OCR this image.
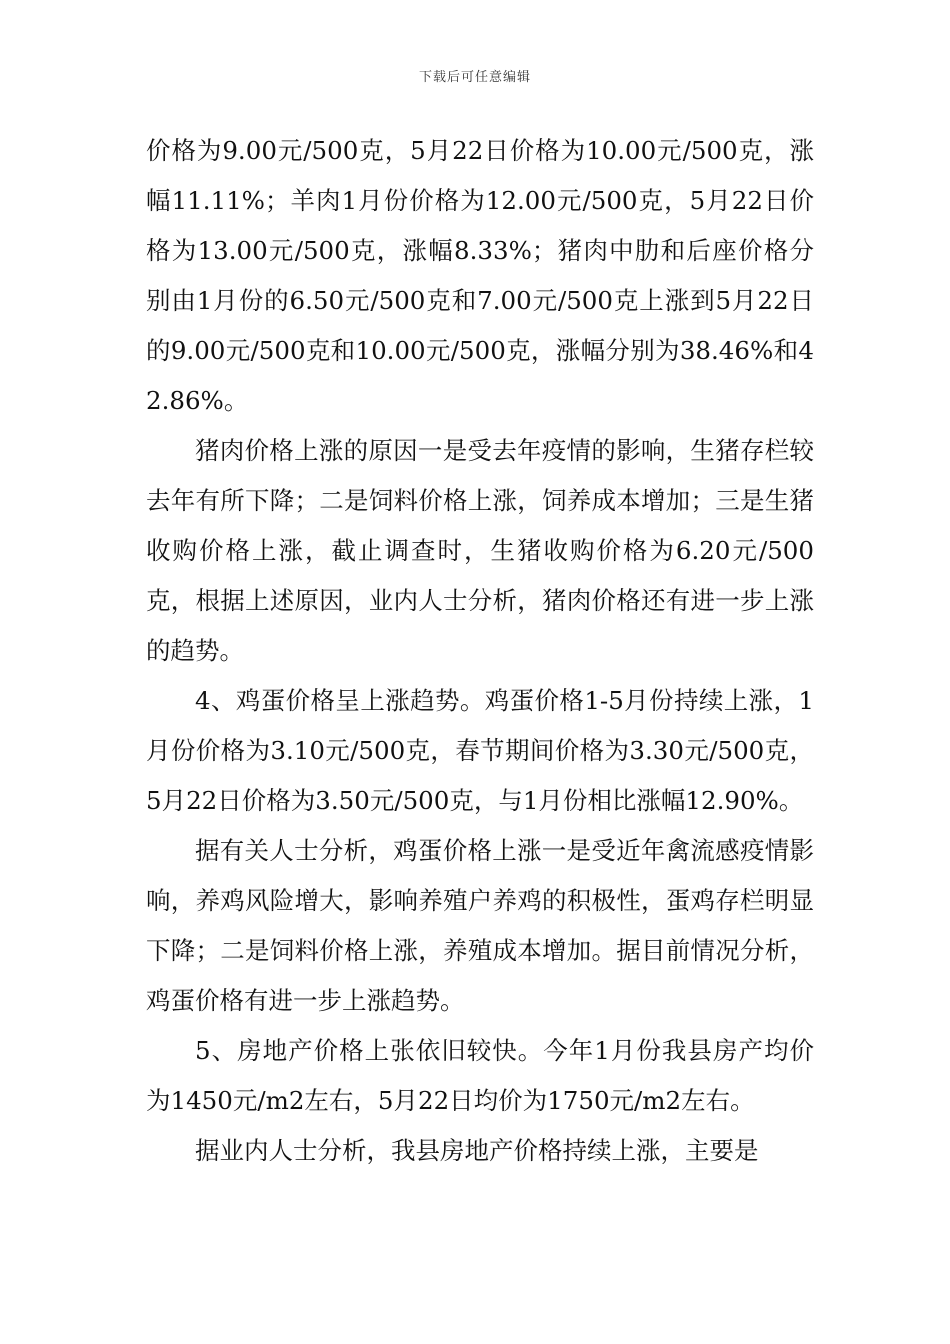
下载后可任意编辑

价格为9.00元/500克，5月22日价格为10.00元/500克，涨幅11.11%；羊肉1月份价格为12.00元/500克，5月22日价格为13.00元/500克，涨幅8.33%；猪肉中肋和后座价格分别由1月份的6.50元/500克和7.00元/500克上涨到5月22日的9.00元/500克和10.00元/500克，涨幅分别为38.46%和42.86%。

猪肉价格上涨的原因一是受去年疫情的影响，生猪存栏较去年有所下降；二是饲料价格上涨，饲养成本增加；三是生猪收购价格上涨，截止调查时，生猪收购价格为6.20元/500克，根据上述原因，业内人士分析，猪肉价格还有进一步上涨的趋势。

4、鸡蛋价格呈上涨趋势。鸡蛋价格1-5月份持续上涨，1月份价格为3.10元/500克，春节期间价格为3.30元/500克，5月22日价格为3.50元/500克，与1月份相比涨幅12.90%。

据有关人士分析，鸡蛋价格上涨一是受近年禽流感疫情影响，养鸡风险增大，影响养殖户养鸡的积极性，蛋鸡存栏明显下降；二是饲料价格上涨，养殖成本增加。据目前情况分析，鸡蛋价格有进一步上涨趋势。

5、房地产价格上张依旧较快。今年1月份我县房产均价为1450元/m2左右，5月22日均价为1750元/m2左右。

据业内人士分析，我县房地产价格持续上涨，主要是
